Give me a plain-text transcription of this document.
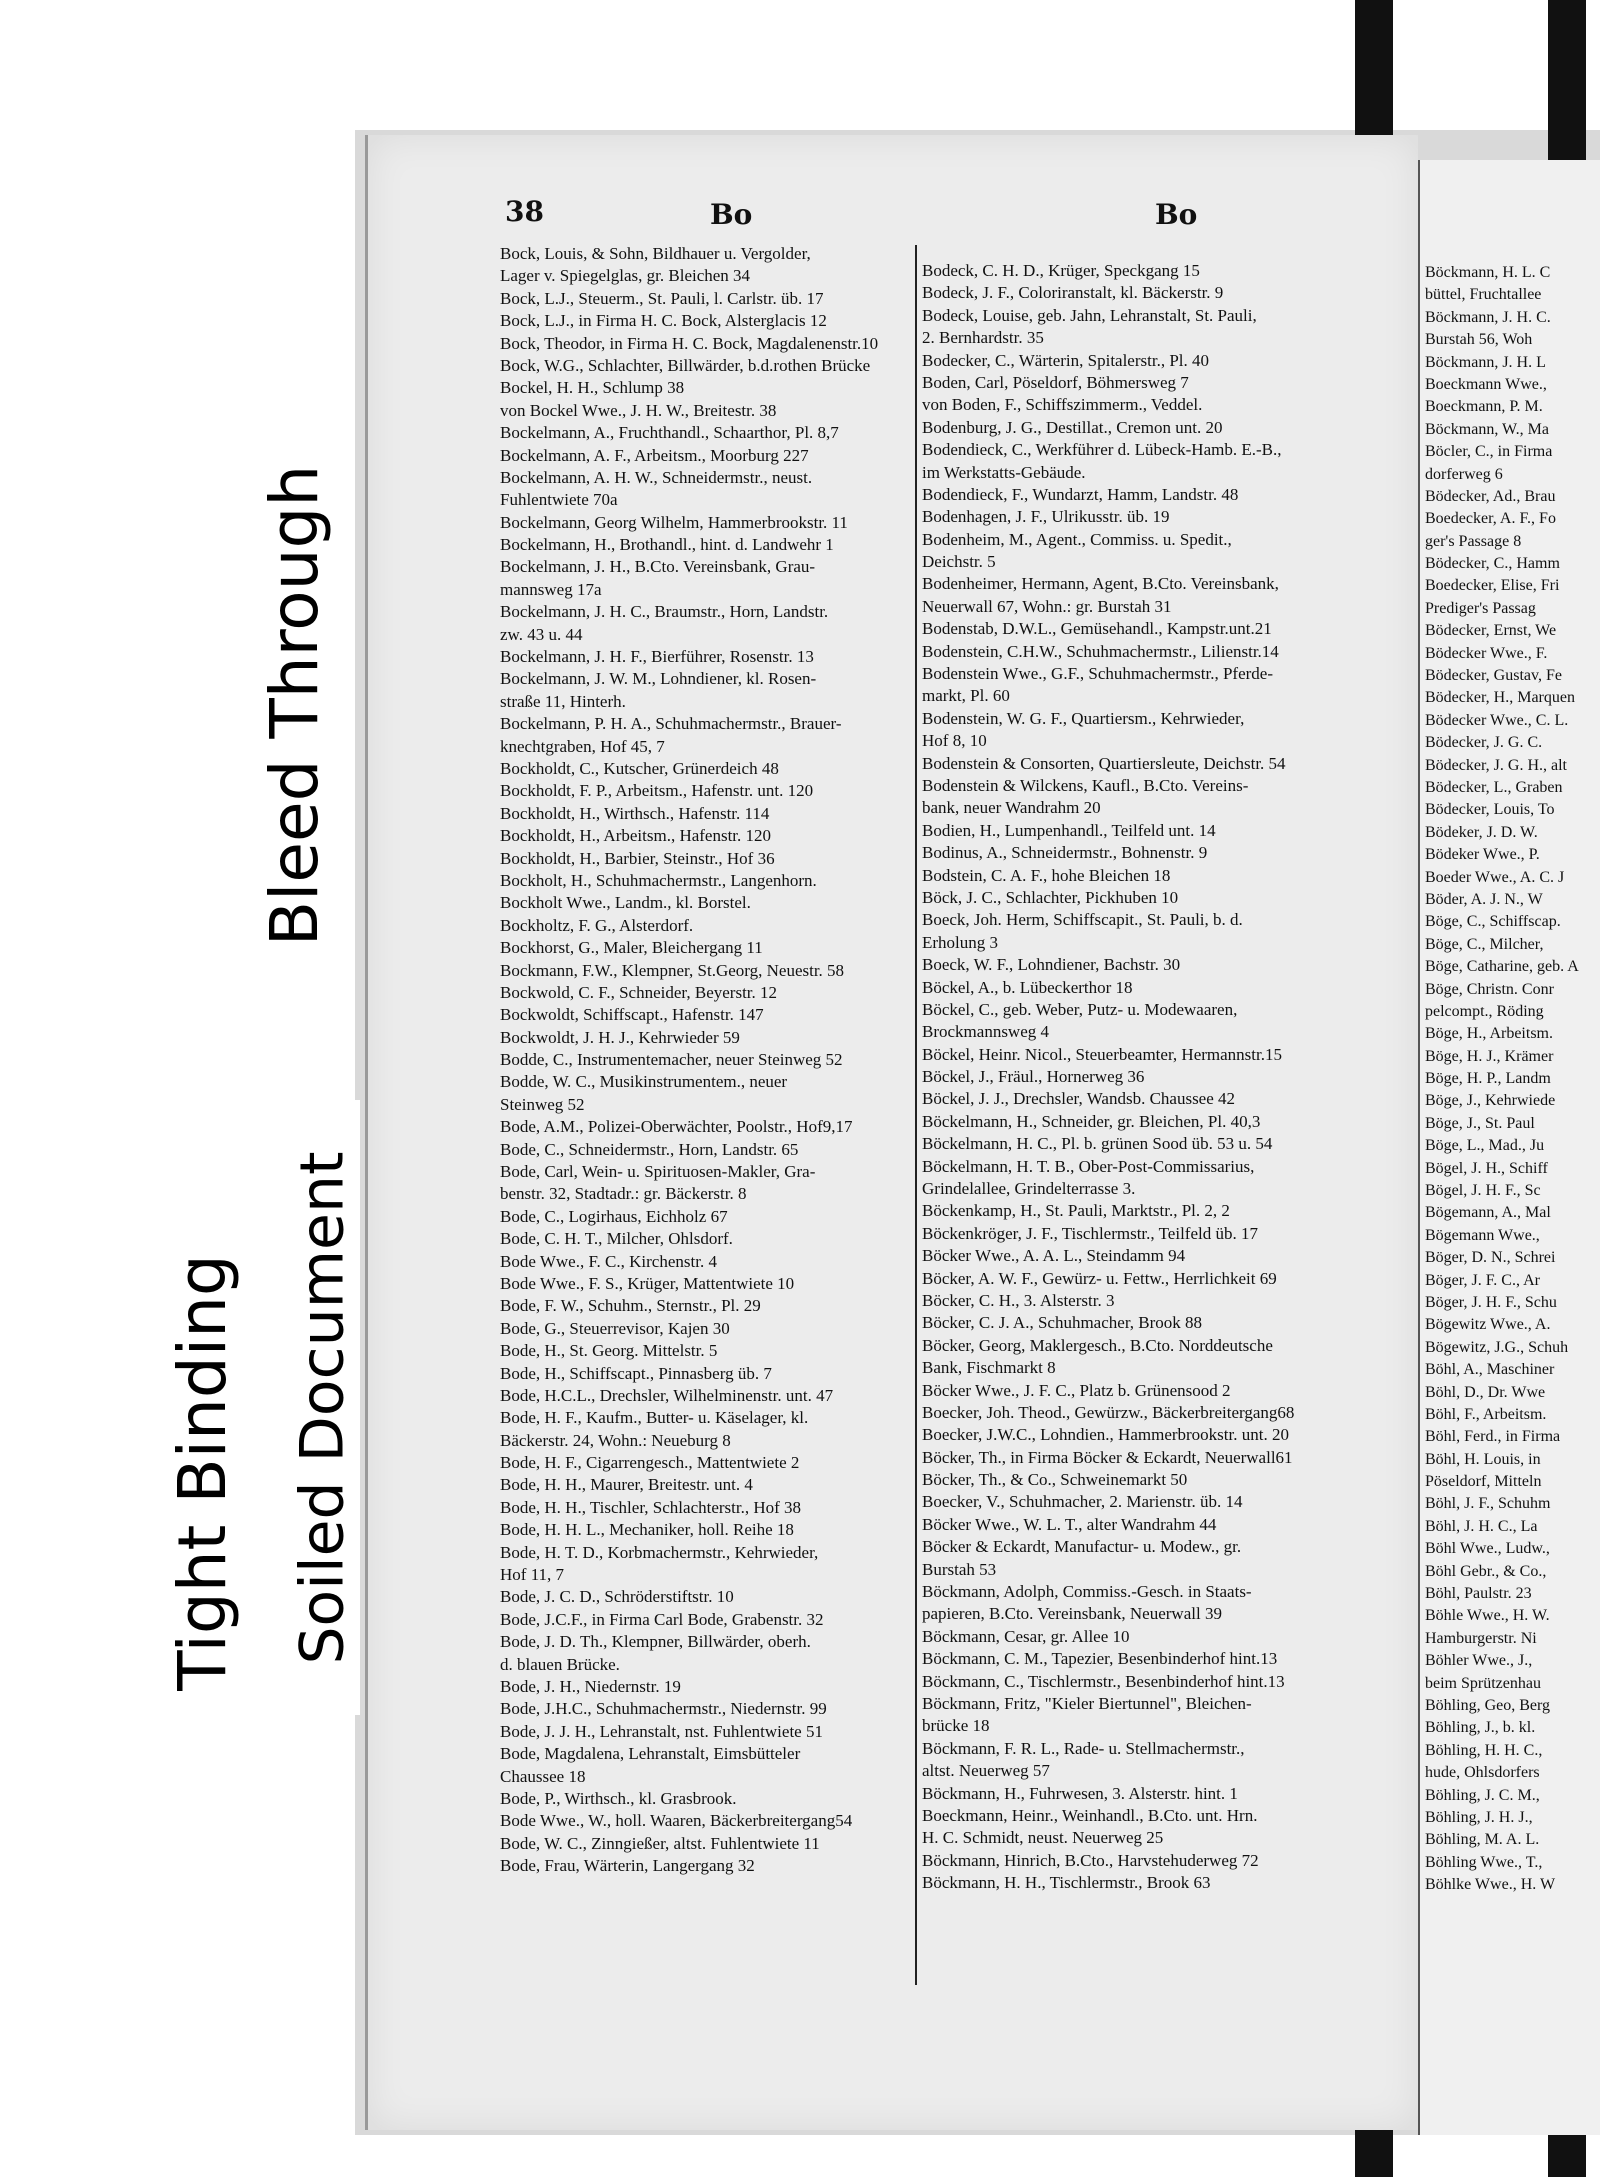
Bleed Through
Tight Binding Soiled Document
38	Bo	Bo
Bock, Louis, & Sohn, Bildhauer u. Vergolder,
Lager v. Spiegelglas, gr. Bleichen 34
Bock, L.J., Steuerm., St. Pauli, l. Carlstr. üb. 17
Bock, L.J., in Firma H. C. Bock, Alsterglacis 12
Bock, Theodor, in Firma H. C. Bock, Magdalenenstr.10
Bock, W.G., Schlachter, Billwärder, b.d.rothen Brücke
Bockel, H. H., Schlump 38
von Bockel Wwe., J. H. W., Breitestr. 38
Bockelmann, A., Fruchthandl., Schaarthor, Pl. 8,7
Bockelmann, A. F., Arbeitsm., Moorburg 227
Bockelmann, A. H. W., Schneidermstr., neust.
Fuhlentwiete 70a
Bockelmann, Georg Wilhelm, Hammerbrookstr. 11
Bockelmann, H., Brothandl., hint. d. Landwehr 1
Bockelmann, J. H., B.Cto. Vereinsbank, Grau-
mannsweg 17a
Bockelmann, J. H. C., Braumstr., Horn, Landstr.
zw. 43 u. 44
Bockelmann, J. H. F., Bierführer, Rosenstr. 13
Bockelmann, J. W. M., Lohndiener, kl. Rosen-
straße 11, Hinterh.
Bockelmann, P. H. A., Schuhmachermstr., Brauer-
knechtgraben, Hof 45, 7
Bockholdt, C., Kutscher, Grünerdeich 48
Bockholdt, F. P., Arbeitsm., Hafenstr. unt. 120
Bockholdt, H., Wirthsch., Hafenstr. 114
Bockholdt, H., Arbeitsm., Hafenstr. 120
Bockholdt, H., Barbier, Steinstr., Hof 36
Bockholt, H., Schuhmachermstr., Langenhorn.
Bockholt Wwe., Landm., kl. Borstel.
Bockholtz, F. G., Alsterdorf.
Bockhorst, G., Maler, Bleichergang 11
Bockmann, F.W., Klempner, St.Georg, Neuestr. 58
Bockwold, C. F., Schneider, Beyerstr. 12
Bockwoldt, Schiffscapt., Hafenstr. 147
Bockwoldt, J. H. J., Kehrwieder 59
Bodde, C., Instrumentemacher, neuer Steinweg 52
Bodde, W. C., Musikinstrumentem., neuer
Steinweg 52
Bode, A.M., Polizei-Oberwächter, Poolstr., Hof9,17
Bode, C., Schneidermstr., Horn, Landstr. 65
Bode, Carl, Wein- u. Spirituosen-Makler, Gra-
benstr. 32, Stadtadr.: gr. Bäckerstr. 8
Bode, C., Logirhaus, Eichholz 67
Bode, C. H. T., Milcher, Ohlsdorf.
Bode Wwe., F. C., Kirchenstr. 4
Bode Wwe., F. S., Krüger, Mattentwiete 10
Bode, F. W., Schuhm., Sternstr., Pl. 29
Bode, G., Steuerrevisor, Kajen 30
Bode, H., St. Georg. Mittelstr. 5
Bode, H., Schiffscapt., Pinnasberg üb. 7
Bode, H.C.L., Drechsler, Wilhelminenstr. unt. 47
Bode, H. F., Kaufm., Butter- u. Käselager, kl.
Bäckerstr. 24, Wohn.: Neueburg 8
Bode, H. F., Cigarrengesch., Mattentwiete 2
Bode, H. H., Maurer, Breitestr. unt. 4
Bode, H. H., Tischler, Schlachterstr., Hof 38
Bode, H. H. L., Mechaniker, holl. Reihe 18
Bode, H. T. D., Korbmachermstr., Kehrwieder,
Hof 11, 7
Bode, J. C. D., Schröderstiftstr. 10
Bode, J.C.F., in Firma Carl Bode, Grabenstr. 32
Bode, J. D. Th., Klempner, Billwärder, oberh.
d. blauen Brücke.
Bode, J. H., Niedernstr. 19
Bode, J.H.C., Schuhmachermstr., Niedernstr. 99
Bode, J. J. H., Lehranstalt, nst. Fuhlentwiete 51
Bode, Magdalena, Lehranstalt, Eimsbütteler
Chaussee 18
Bode, P., Wirthsch., kl. Grasbrook.
Bode Wwe., W., holl. Waaren, Bäckerbreitergang54
Bode, W. C., Zinngießer, altst. Fuhlentwiete 11
Bode, Frau, Wärterin, Langergang 32
Bodeck, C. H. D., Krüger, Speckgang 15
Bodeck, J. F., Coloriranstalt, kl. Bäckerstr. 9
Bodeck, Louise, geb. Jahn, Lehranstalt, St. Pauli,
2. Bernhardstr. 35
Bodecker, C., Wärterin, Spitalerstr., Pl. 40
Boden, Carl, Pöseldorf, Böhmersweg 7
von Boden, F., Schiffszimmerm., Veddel.
Bodenburg, J. G., Destillat., Cremon unt. 20
Bodendieck, C., Werkführer d. Lübeck-Hamb. E.-B.,
im Werkstatts-Gebäude.
Bodendieck, F., Wundarzt, Hamm, Landstr. 48
Bodenhagen, J. F., Ulrikusstr. üb. 19
Bodenheim, M., Agent., Commiss. u. Spedit.,
Deichstr. 5
Bodenheimer, Hermann, Agent, B.Cto. Vereinsbank,
Neuerwall 67, Wohn.: gr. Burstah 31
Bodenstab, D.W.L., Gemüsehandl., Kampstr.unt.21
Bodenstein, C.H.W., Schuhmachermstr., Lilienstr.14
Bodenstein Wwe., G.F., Schuhmachermstr., Pferde-
markt, Pl. 60
Bodenstein, W. G. F., Quartiersm., Kehrwieder,
Hof 8, 10
Bodenstein & Consorten, Quartiersleute, Deichstr. 54
Bodenstein & Wilckens, Kaufl., B.Cto. Vereins-
bank, neuer Wandrahm 20
Bodien, H., Lumpenhandl., Teilfeld unt. 14
Bodinus, A., Schneidermstr., Bohnenstr. 9
Bodstein, C. A. F., hohe Bleichen 18
Böck, J. C., Schlachter, Pickhuben 10
Boeck, Joh. Herm, Schiffscapit., St. Pauli, b. d.
Erholung 3
Boeck, W. F., Lohndiener, Bachstr. 30
Böckel, A., b. Lübeckerthor 18
Böckel, C., geb. Weber, Putz- u. Modewaaren,
Brockmannsweg 4
Böckel, Heinr. Nicol., Steuerbeamter, Hermannstr.15
Böckel, J., Fräul., Hornerweg 36
Böckel, J. J., Drechsler, Wandsb. Chaussee 42
Böckelmann, H., Schneider, gr. Bleichen, Pl. 40,3
Böckelmann, H. C., Pl. b. grünen Sood üb. 53 u. 54
Böckelmann, H. T. B., Ober-Post-Commissarius,
Grindelallee, Grindelterrasse 3.
Böckenkamp, H., St. Pauli, Marktstr., Pl. 2, 2
Böckenkröger, J. F., Tischlermstr., Teilfeld üb. 17
Böcker Wwe., A. A. L., Steindamm 94
Böcker, A. W. F., Gewürz- u. Fettw., Herrlichkeit 69
Böcker, C. H., 3. Alsterstr. 3
Böcker, C. J. A., Schuhmacher, Brook 88
Böcker, Georg, Maklergesch., B.Cto. Norddeutsche
Bank, Fischmarkt 8
Böcker Wwe., J. F. C., Platz b. Grünensood 2
Boecker, Joh. Theod., Gewürzw., Bäckerbreitergang68
Boecker, J.W.C., Lohndien., Hammerbrookstr. unt. 20
Böcker, Th., in Firma Böcker & Eckardt, Neuerwall61
Böcker, Th., & Co., Schweinemarkt 50
Boecker, V., Schuhmacher, 2. Marienstr. üb. 14
Böcker Wwe., W. L. T., alter Wandrahm 44
Böcker & Eckardt, Manufactur- u. Modew., gr.
Burstah 53
Böckmann, Adolph, Commiss.-Gesch. in Staats-
papieren, B.Cto. Vereinsbank, Neuerwall 39
Böckmann, Cesar, gr. Allee 10
Böckmann, C. M., Tapezier, Besenbinderhof hint.13
Böckmann, C., Tischlermstr., Besenbinderhof hint.13
Böckmann, Fritz, "Kieler Biertunnel", Bleichen-
brücke 18
Böckmann, F. R. L., Rade- u. Stellmachermstr.,
altst. Neuerweg 57
Böckmann, H., Fuhrwesen, 3. Alsterstr. hint. 1
Boeckmann, Heinr., Weinhandl., B.Cto. unt. Hrn.
H. C. Schmidt, neust. Neuerweg 25
Böckmann, Hinrich, B.Cto., Harvstehuderweg 72
Böckmann, H. H., Tischlermstr., Brook 63
Böckmann, H. L. C
büttel, Fruchtallee
Böckmann, J. H. C.
Burstah 56, Woh
Böckmann, J. H. L
Boeckmann Wwe.,
Boeckmann, P. M.
Böckmann, W., Ma
Böcler, C., in Firma
dorferweg 6
Bödecker, Ad., Brau
Boedecker, A. F., Fo
ger's Passage 8
Bödecker, C., Hamm
Boedecker, Elise, Fri
Prediger's Passag
Bödecker, Ernst, We
Bödecker Wwe., F.
Bödecker, Gustav, Fe
Bödecker, H., Marquen
Bödecker Wwe., C. L.
Bödecker, J. G. C.
Bödecker, J. G. H., alt
Bödecker, L., Graben
Bödecker, Louis, To
Bödeker, J. D. W.
Bödeker Wwe., P.
Boeder Wwe., A. C. J
Böder, A. J. N., W
Böge, C., Schiffscap.
Böge, C., Milcher,
Böge, Catharine, geb. A
Böge, Christn. Conr
pelcompt., Röding
Böge, H., Arbeitsm.
Böge, H. J., Krämer
Böge, H. P., Landm
Böge, J., Kehrwiede
Böge, J., St. Paul
Böge, L., Mad., Ju
Bögel, J. H., Schiff
Bögel, J. H. F., Sc
Bögemann, A., Mal
Bögemann Wwe.,
Böger, D. N., Schrei
Böger, J. F. C., Ar
Böger, J. H. F., Schu
Bögewitz Wwe., A.
Bögewitz, J.G., Schuh
Böhl, A., Maschiner
Böhl, D., Dr. Wwe
Böhl, F., Arbeitsm.
Böhl, Ferd., in Firma
Böhl, H. Louis, in
Pöseldorf, Mitteln
Böhl, J. F., Schuhm
Böhl, J. H. C., La
Böhl Wwe., Ludw.,
Böhl Gebr., & Co.,
Böhl, Paulstr. 23
Böhle Wwe., H. W.
Hamburgerstr. Ni
Böhler Wwe., J.,
beim Sprützenhau
Böhling, Geo, Berg
Böhling, J., b. kl.
Böhling, H. H. C.,
hude, Ohlsdorfers
Böhling, J. C. M.,
Böhling, J. H. J.,
Böhling, M. A. L.
Böhling Wwe., T.,
Böhlke Wwe., H. W
